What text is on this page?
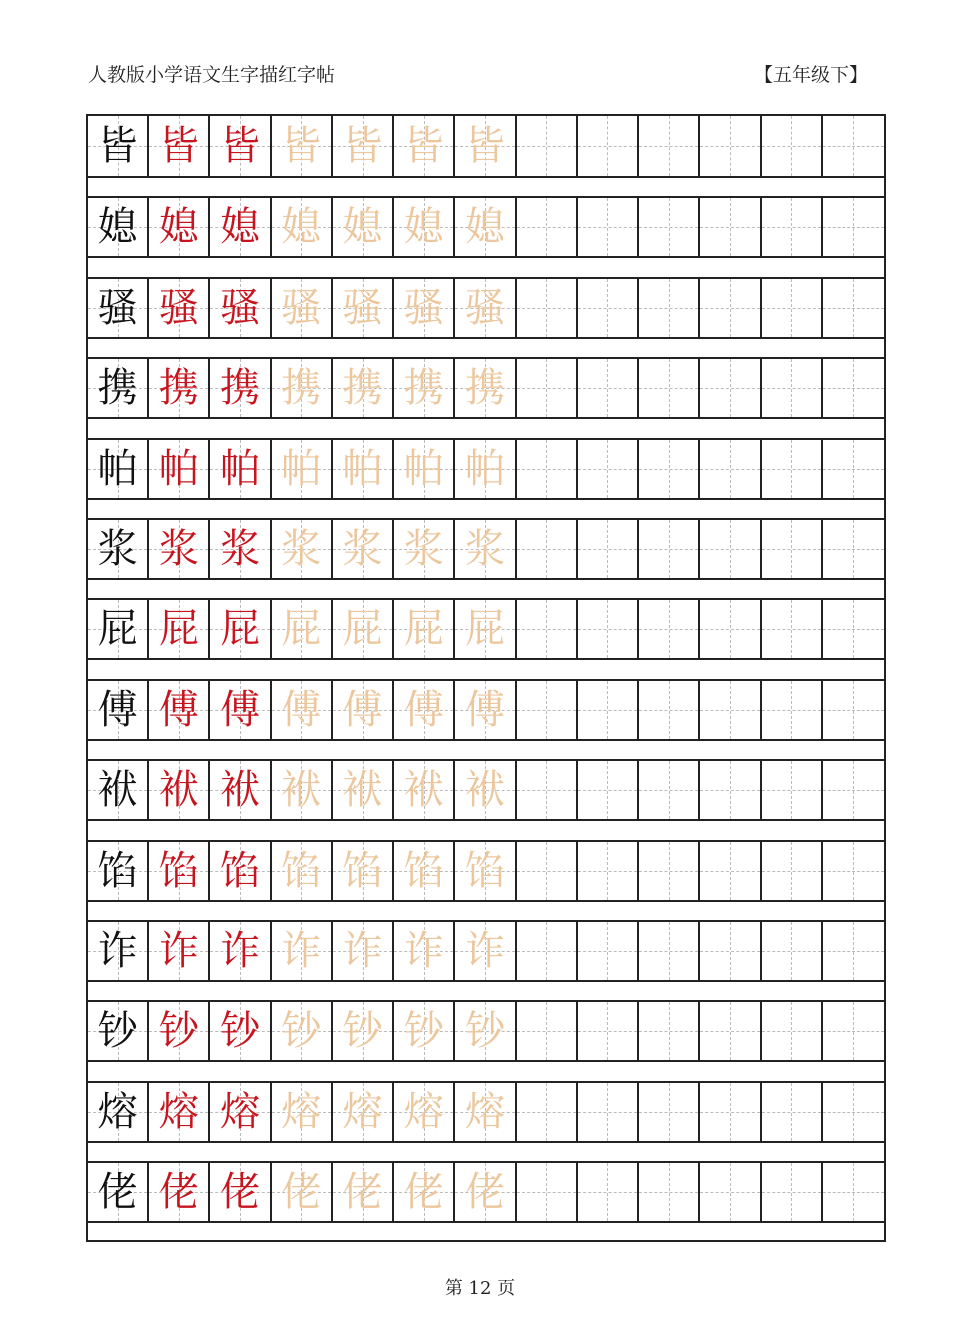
人教版小学语文生字描红字帖	【五年级下】
皆 皆 皆 皆 皆 皆 皆
媳 媳 媳 媳 媳 媳 媳
骚 骚 骚 骚 骚 骚 骚
携 携 携 携 携 携 携
帕 帕 帕 帕 帕 帕 帕
浆 浆 浆 浆 浆 浆 浆
屁 屁 屁 屁 屁 屁 屁
傅 傅 傅 傅 傅 傅 傅
袱 袱 袱 袱 袱 袱 袱
馅 馅 馅 馅 馅 馅 馅
诈 诈 诈 诈 诈 诈 诈
钞 钞 钞 钞 钞 钞 钞
熔 熔 熔 熔 熔 熔 熔
佬 佬 佬 佬 佬 佬 佬
第 12 页
